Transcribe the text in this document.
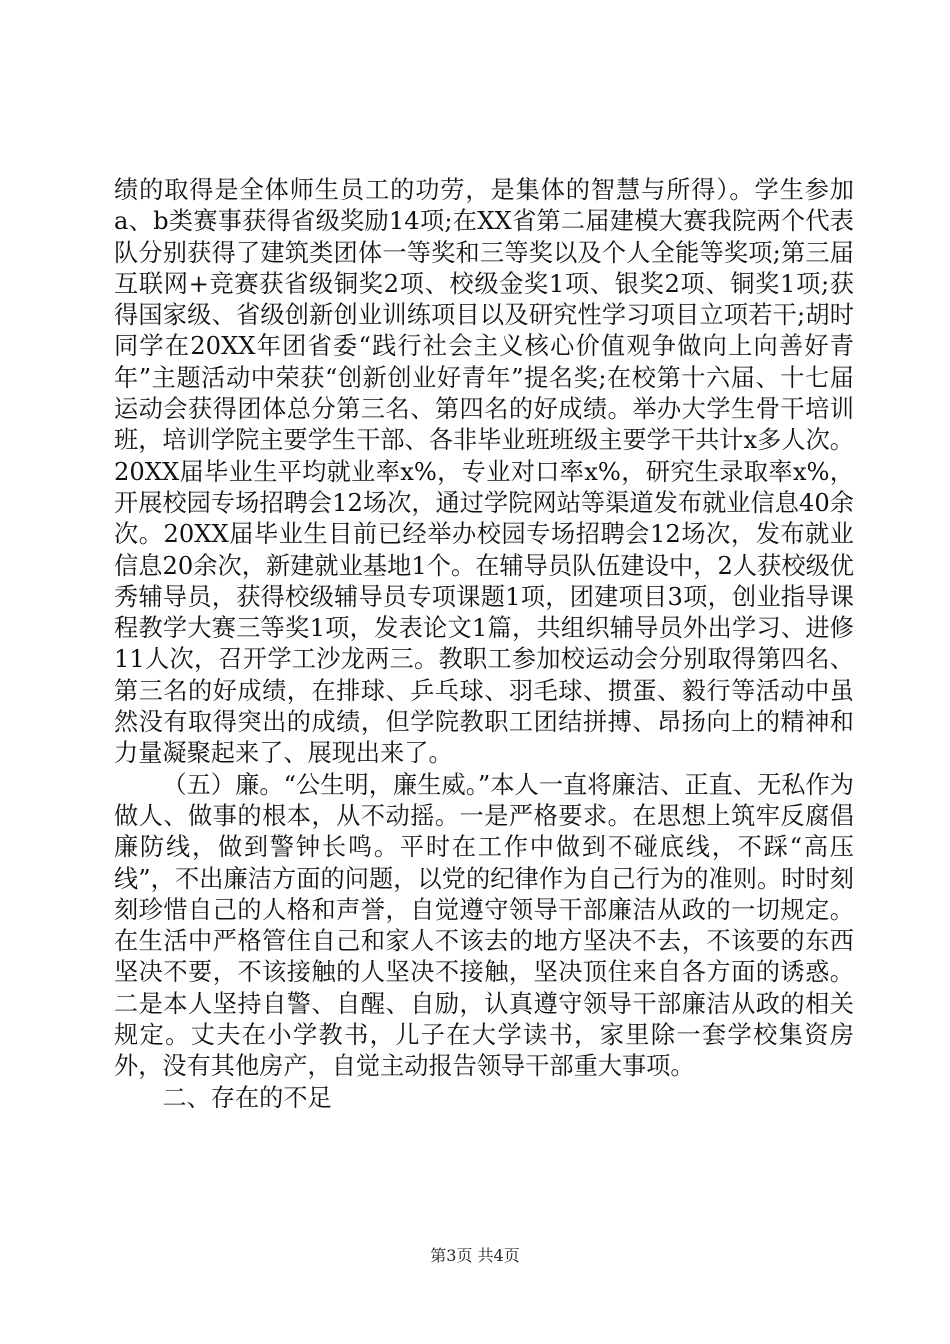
绩的取得是全体师生员工的功劳，是集体的智慧与所得）。学生参加a、b类赛事获得省级奖励14项;在XX省第二届建模大赛我院两个代表队分别获得了建筑类团体一等奖和三等奖以及个人全能等奖项;第三届互联网+竞赛获省级铜奖2项、校级金奖1项、银奖2项、铜奖1项;获得国家级、省级创新创业训练项目以及研究性学习项目立项若干;胡时同学在20XX年团省委“践行社会主义核心价值观争做向上向善好青年”主题活动中荣获“创新创业好青年”提名奖;在校第十六届、十七届运动会获得团体总分第三名、第四名的好成绩。举办大学生骨干培训班，培训学院主要学生干部、各非毕业班班级主要学干共计x多人次。20XX届毕业生平均就业率x%，专业对口率x%，研究生录取率x%，开展校园专场招聘会12场次，通过学院网站等渠道发布就业信息40余次。20XX届毕业生目前已经举办校园专场招聘会12场次，发布就业信息20余次，新建就业基地1个。在辅导员队伍建设中，2人获校级优秀辅导员，获得校级辅导员专项课题1项，团建项目3项，创业指导课程教学大赛三等奖1项，发表论文1篇，共组织辅导员外出学习、进修11人次，召开学工沙龙两三。教职工参加校运动会分别取得第四名、第三名的好成绩，在排球、乒乓球、羽毛球、掼蛋、毅行等活动中虽然没有取得突出的成绩，但学院教职工团结拼搏、昂扬向上的精神和力量凝聚起来了、展现出来了。

（五）廉。“公生明，廉生威。”本人一直将廉洁、正直、无私作为做人、做事的根本，从不动摇。一是严格要求。在思想上筑牢反腐倡廉防线，做到警钟长鸣。平时在工作中做到不碰底线，不踩“高压线”，不出廉洁方面的问题，以党的纪律作为自己行为的准则。时时刻刻珍惜自己的人格和声誉，自觉遵守领导干部廉洁从政的一切规定。在生活中严格管住自己和家人不该去的地方坚决不去，不该要的东西坚决不要，不该接触的人坚决不接触，坚决顶住来自各方面的诱惑。二是本人坚持自警、自醒、自励，认真遵守领导干部廉洁从政的相关规定。丈夫在小学教书，儿子在大学读书，家里除一套学校集资房外，没有其他房产，自觉主动报告领导干部重大事项。

二、存在的不足

第3页 共4页
